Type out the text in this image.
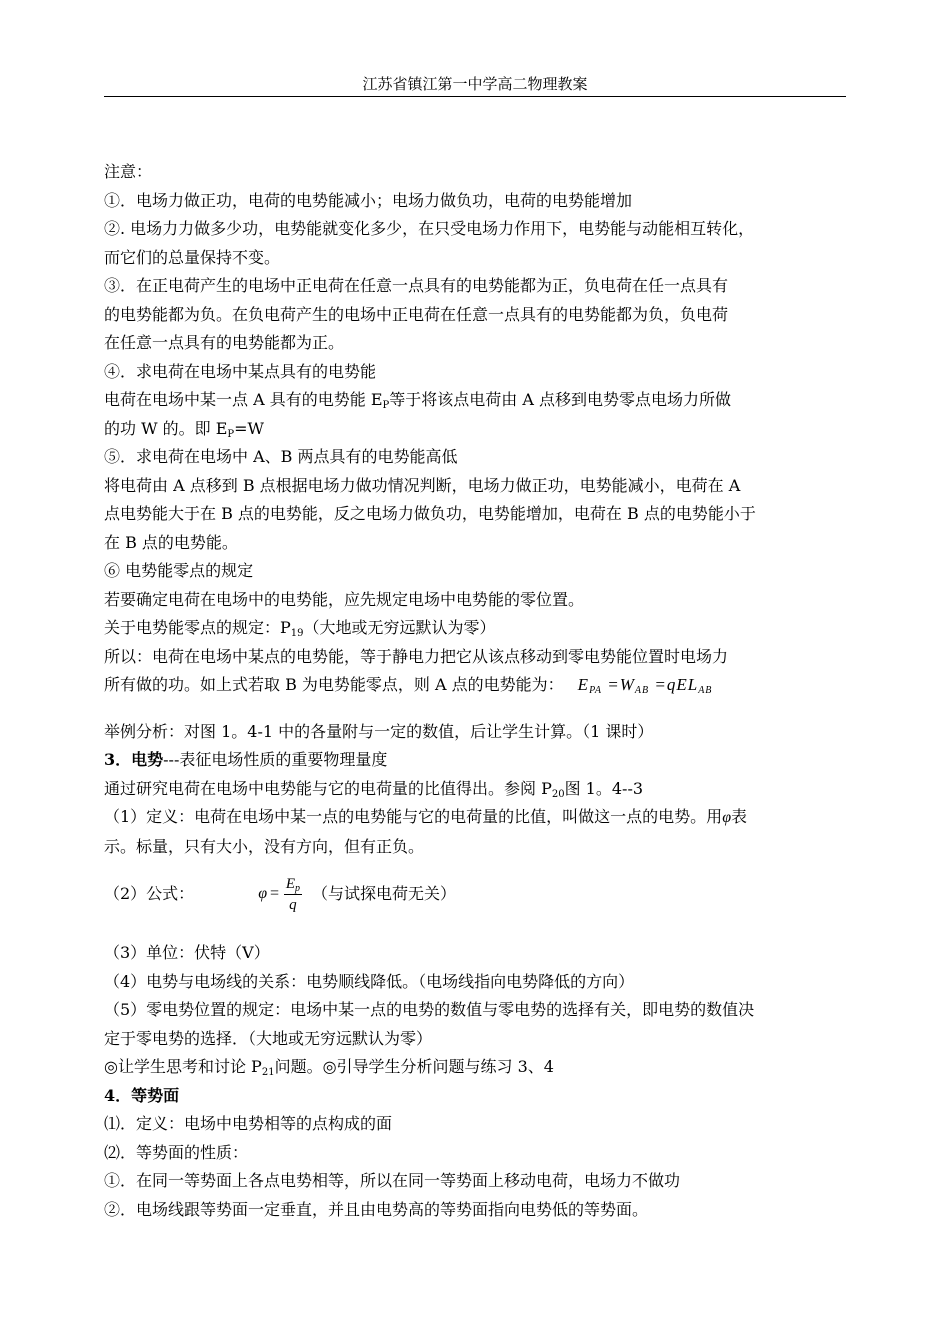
江苏省镇江第一中学高二物理教案

注意：

①．电场力做正功，电荷的电势能减小；电场力做负功，电荷的电势能增加

②. 电场力力做多少功，电势能就变化多少，在只受电场力作用下，电势能与动能相互转化，

而它们的总量保持不变。

③．在正电荷产生的电场中正电荷在任意一点具有的电势能都为正，负电荷在任一点具有

的电势能都为负。在负电荷产生的电场中正电荷在任意一点具有的电势能都为负，负电荷

在任意一点具有的电势能都为正。

④．求电荷在电场中某点具有的电势能

电荷在电场中某一点 A 具有的电势能 $E_P$等于将该点电荷由 A 点移到电势零点电场力所做

的功 W 的。即 $E_P=W$

⑤．求电荷在电场中 A、B 两点具有的电势能高低

将电荷由 A 点移到 B 点根据电场力做功情况判断，电场力做正功，电势能减小，电荷在 A

点电势能大于在 B 点的电势能，反之电场力做负功，电势能增加，电荷在 B 点的电势能小于

在 B 点的电势能。

⑥ 电势能零点的规定

若要确定电荷在电场中的电势能，应先规定电场中电势能的零位置。

关于电势能零点的规定：$P_{19}$（大地或无穷远默认为零）

所以：电荷在电场中某点的电势能，等于静电力把它从该点移动到零电势能位置时电场力

所有做的功。如上式若取 B 为电势能零点，则 A 点的电势能为： $E_{PA} =W_{AB} =qEL_{AB}$

举例分析：对图 1。4-1 中的各量附与一定的数值，后让学生计算。（1 课时）

3．电势---表征电场性质的重要物理量度

通过研究电荷在电场中电势能与它的电荷量的比值得出。参阅 $P_{20}$图 1。4--3

（1）定义：电荷在电场中某一点的电势能与它的电荷量的比值，叫做这一点的电势。用φ表

示。标量，只有大小，没有方向，但有正负。

（2）公式：	$\varphi = \frac{E_p}{q}$ （与试探电荷无关）

（3）单位：伏特（V）

（4）电势与电场线的关系：电势顺线降低。（电场线指向电势降低的方向）

（5）零电势位置的规定：电场中某一点的电势的数值与零电势的选择有关，即电势的数值决

定于零电势的选择．（大地或无穷远默认为零）

◎让学生思考和讨论 $P_{21}$问题。◎引导学生分析问题与练习 3、4

4．等势面

⑴．定义：电场中电势相等的点构成的面

⑵．等势面的性质：

①．在同一等势面上各点电势相等，所以在同一等势面上移动电荷，电场力不做功

②．电场线跟等势面一定垂直，并且由电势高的等势面指向电势低的等势面。
